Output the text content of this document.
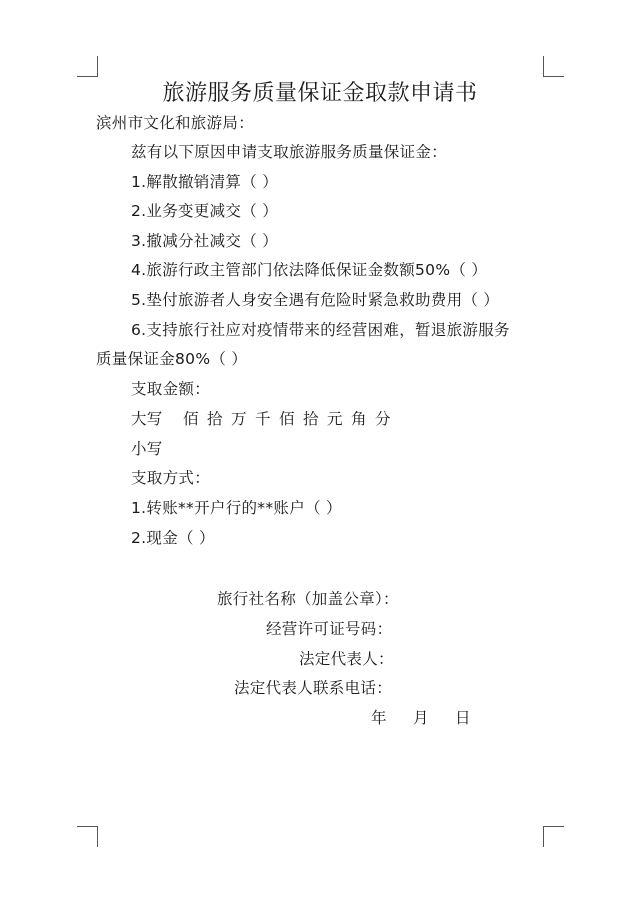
旅游服务质量保证金取款申请书
滨州市文化和旅游局：
兹有以下原因申请支取旅游服务质量保证金：
1.解散撤销清算（ ）
2.业务变更减交（ ）
3.撤减分社减交（ ）
4.旅游行政主管部门依法降低保证金数额50%（ ）
5.垫付旅游者人身安全遇有危险时紧急救助费用（ ）
6.支持旅行社应对疫情带来的经营困难，暂退旅游服务
质量保证金80%（ ）
支取金额：
大写 佰 拾 万 千 佰 拾 元 角 分
小写
支取方式：
1.转账**开户行的**账户（ ）
2.现金（ ）
旅行社名称（加盖公章）：
经营许可证号码：
法定代表人：
法定代表人联系电话：
年 月 日
